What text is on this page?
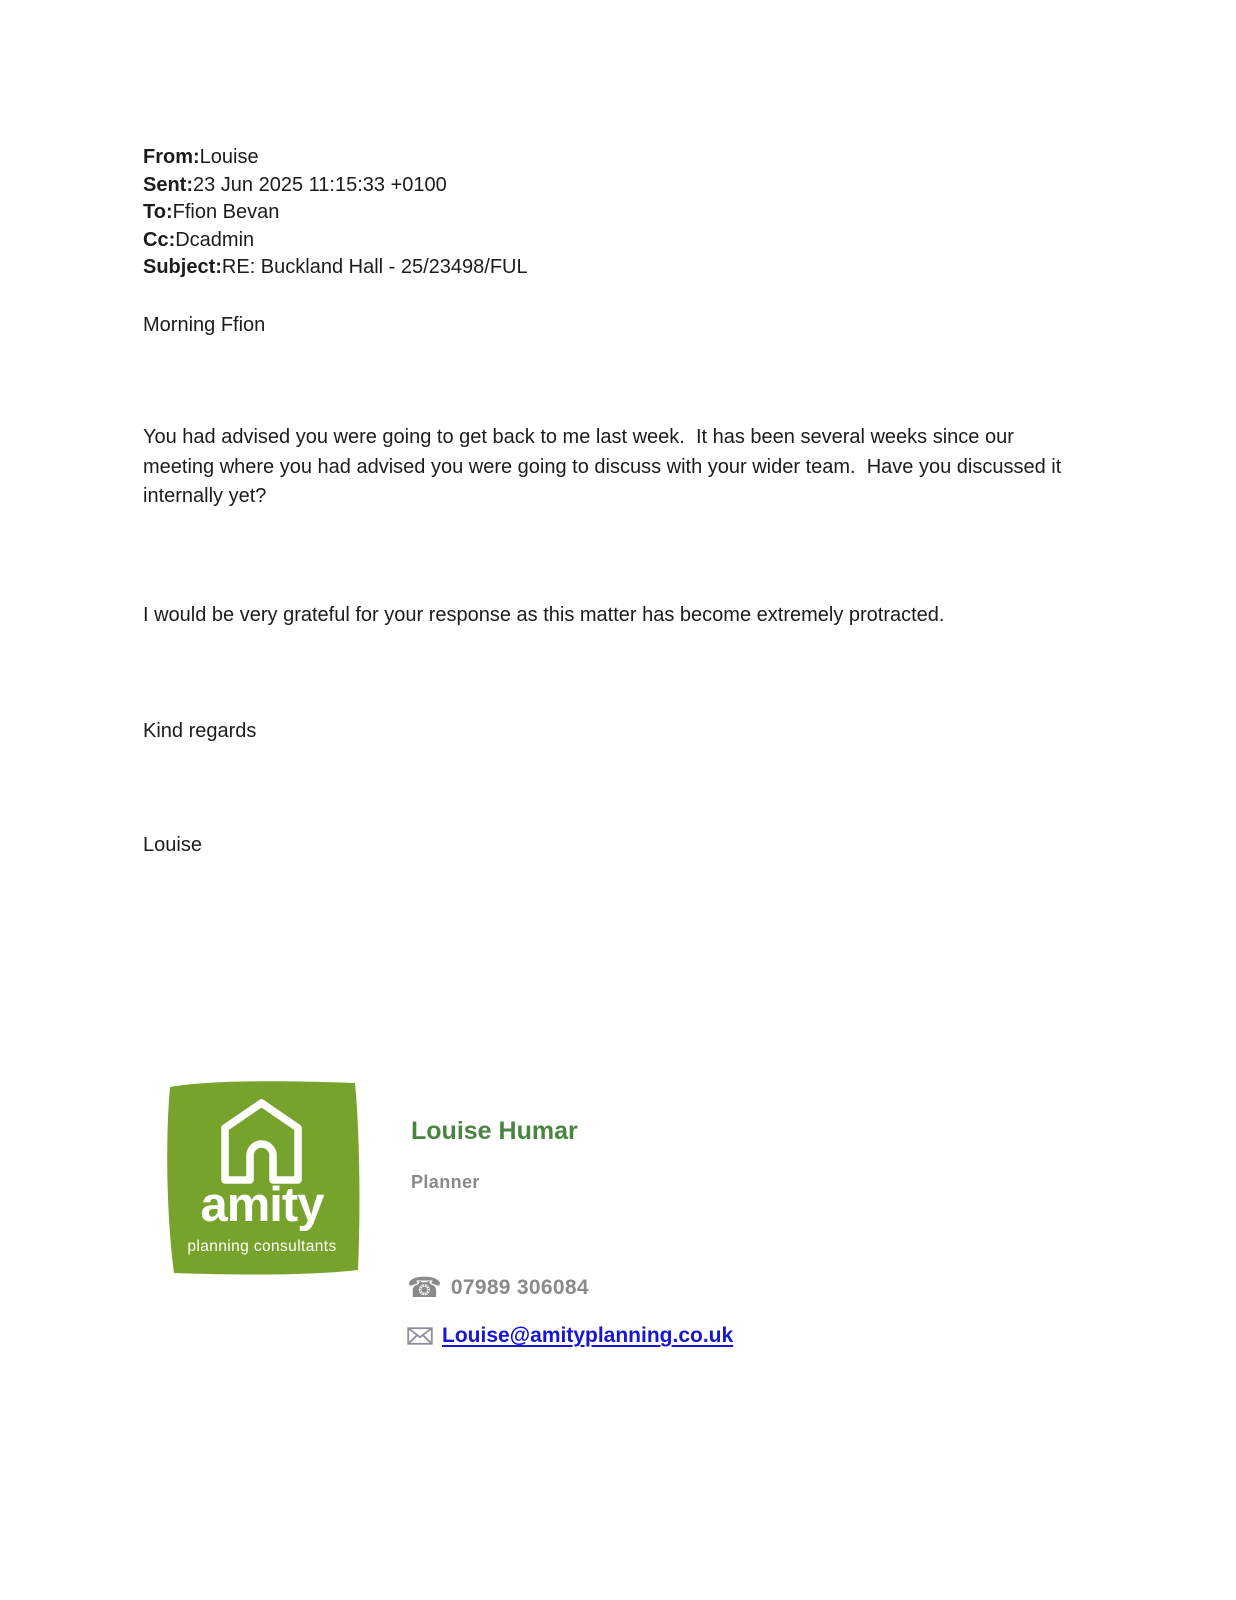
From:Louise
Sent:23 Jun 2025 11:15:33 +0100
To:Ffion Bevan
Cc:Dcadmin
Subject:RE: Buckland Hall - 25/23498/FUL
Morning Ffion
You had advised you were going to get back to me last week.  It has been several weeks since our meeting where you had advised you were going to discuss with your wider team.  Have you discussed it internally yet?
I would be very grateful for your response as this matter has become extremely protracted.
Kind regards
Louise
amity
planning consultants
Louise Humar
Planner
☎ 07989 306084
Louise@amityplanning.co.uk
